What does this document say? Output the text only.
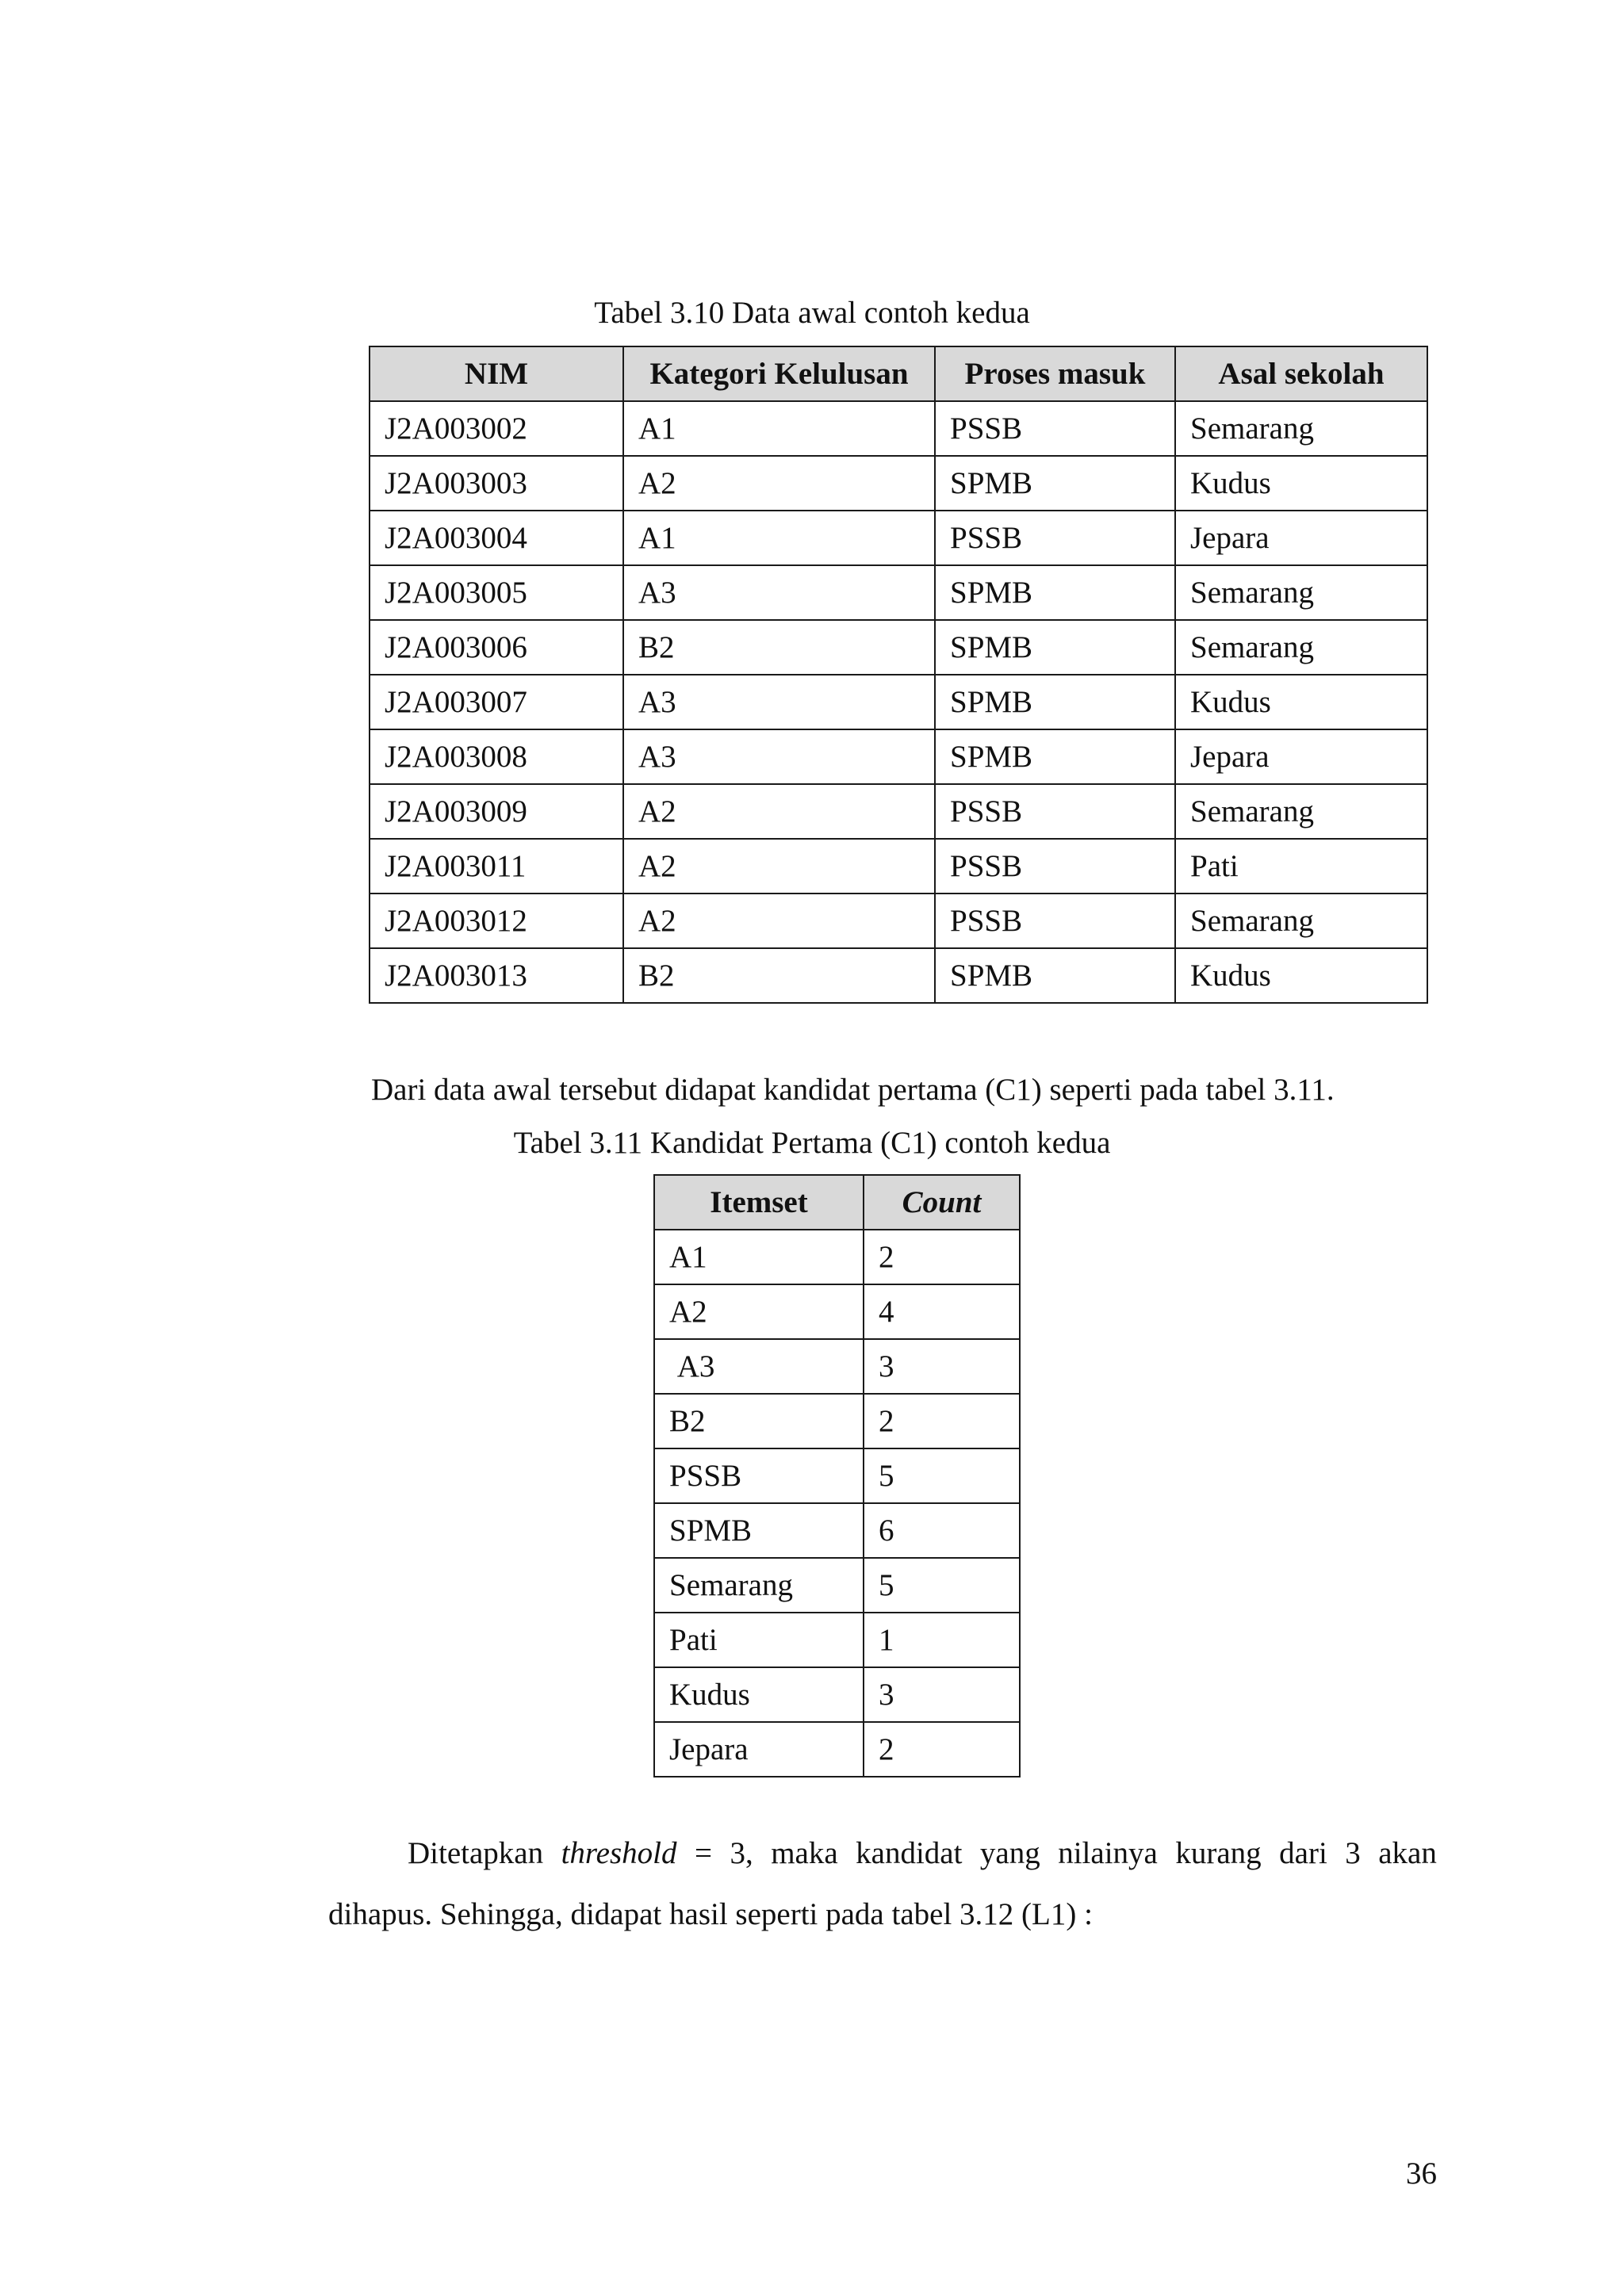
Tabel 3.10 Data awal contoh kedua
NIM	Kategori Kelulusan	Proses masuk	Asal sekolah
J2A003002	A1	PSSB	Semarang
J2A003003	A2	SPMB	Kudus
J2A003004	A1	PSSB	Jepara
J2A003005	A3	SPMB	Semarang
J2A003006	B2	SPMB	Semarang
J2A003007	A3	SPMB	Kudus
J2A003008	A3	SPMB	Jepara
J2A003009	A2	PSSB	Semarang
J2A003011	A2	PSSB	Pati
J2A003012	A2	PSSB	Semarang
J2A003013	B2	SPMB	Kudus
Dari data awal tersebut didapat kandidat pertama (C1) seperti pada tabel 3.11.
Tabel 3.11 Kandidat Pertama (C1) contoh kedua
Itemset	Count
A1	2
A2	4
A3	3
B2	2
PSSB	5
SPMB	6
Semarang	5
Pati	1
Kudus	3
Jepara	2
Ditetapkan threshold = 3, maka kandidat yang nilainya kurang dari 3 akan
dihapus. Sehingga, didapat hasil seperti pada tabel 3.12 (L1) :
36
